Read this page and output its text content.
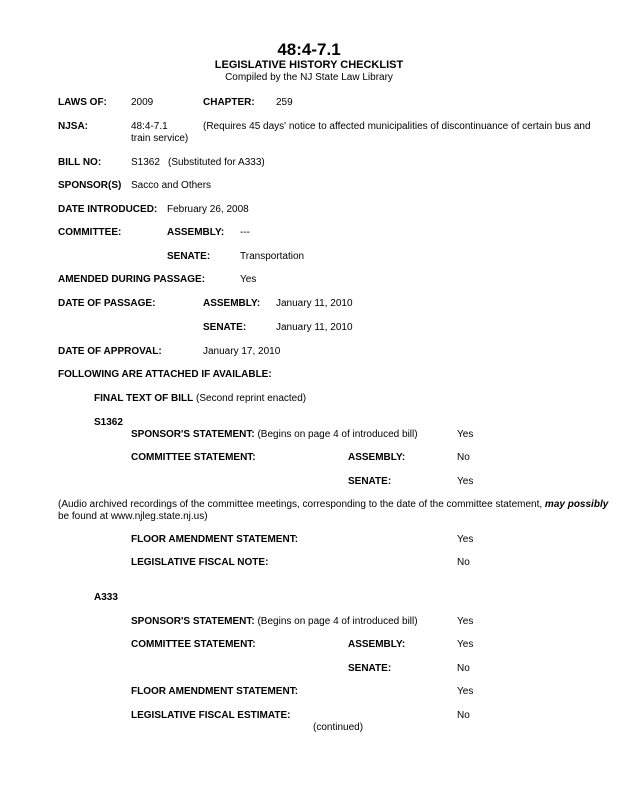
48:4-7.1
LEGISLATIVE HISTORY CHECKLIST
Compiled by the NJ State Law Library
LAWS OF: 2009	CHAPTER: 259
NJSA:	48:4-7.1	(Requires 45 days' notice to affected municipalities of discontinuance of certain bus and
train service)
BILL NO:	S1362 (Substituted for A333)
SPONSOR(S) Sacco and Others
DATE INTRODUCED: February 26, 2008
COMMITTEE:	ASSEMBLY: ---
SENATE:	Transportation
AMENDED DURING PASSAGE:	Yes
DATE OF PASSAGE:	ASSEMBLY: January 11, 2010
SENATE:	January 11, 2010
DATE OF APPROVAL:	January 17, 2010
FOLLOWING ARE ATTACHED IF AVAILABLE:
FINAL TEXT OF BILL (Second reprint enacted)
S1362
SPONSOR'S STATEMENT: (Begins on page 4 of introduced bill)	Yes
COMMITTEE STATEMENT:	ASSEMBLY:	No
SENATE:	Yes
(Audio archived recordings of the committee meetings, corresponding to the date of the committee statement, may possibly
be found at www.njleg.state.nj.us)
FLOOR AMENDMENT STATEMENT:	Yes
LEGISLATIVE FISCAL NOTE:	No
A333
SPONSOR'S STATEMENT: (Begins on page 4 of introduced bill)	Yes
COMMITTEE STATEMENT:	ASSEMBLY:	Yes
SENATE:	No
FLOOR AMENDMENT STATEMENT:	Yes
LEGISLATIVE FISCAL ESTIMATE:	No
(continued)
